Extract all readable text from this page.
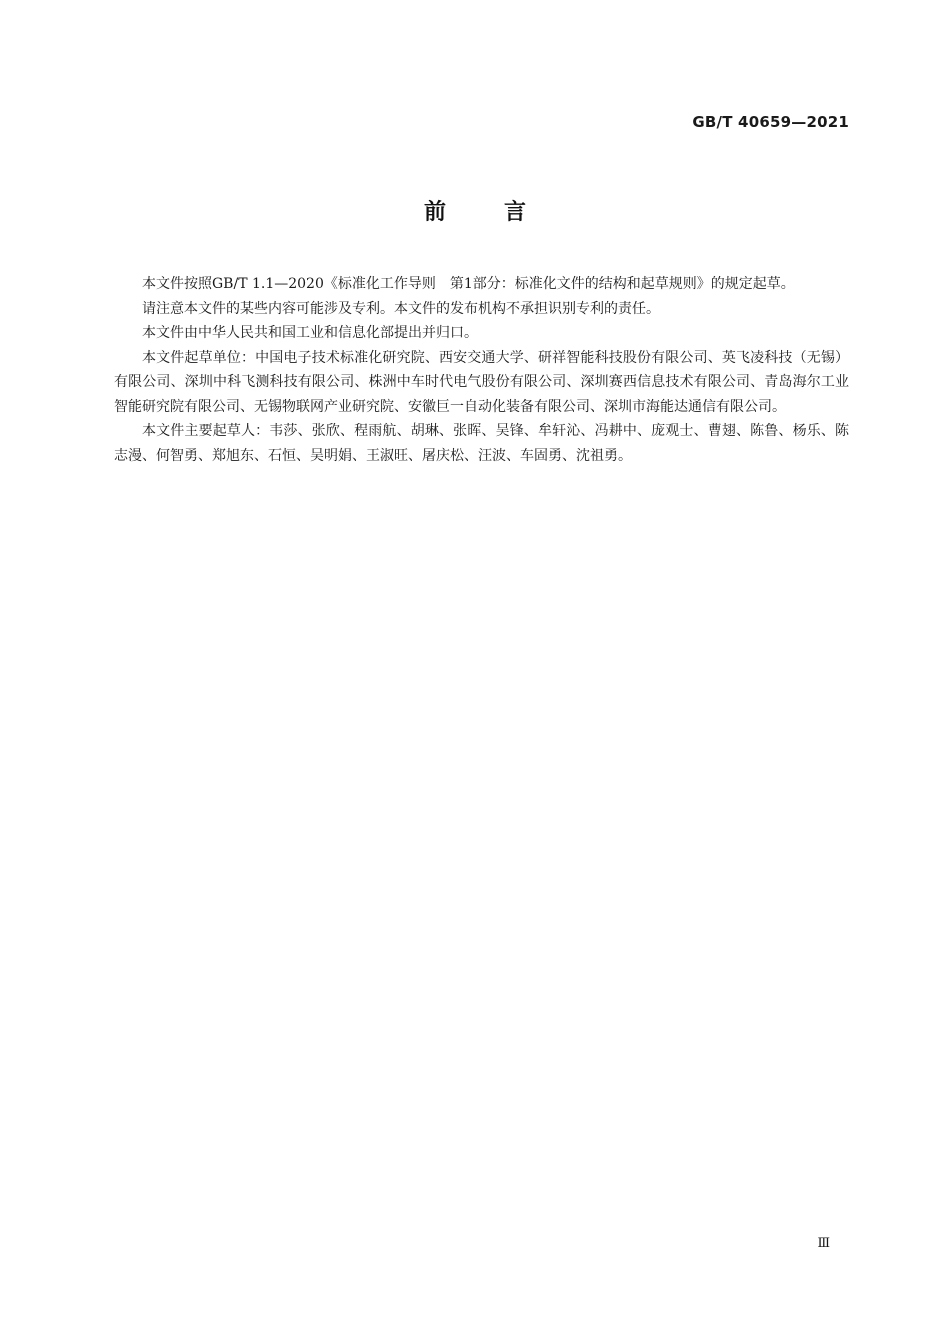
GB/T 40659—2021
前言

本文件按照GB/T 1.1—2020《标准化工作导则　第1部分：标准化文件的结构和起草规则》的规定起草。

请注意本文件的某些内容可能涉及专利。本文件的发布机构不承担识别专利的责任。

本文件由中华人民共和国工业和信息化部提出并归口。

本文件起草单位：中国电子技术标准化研究院、西安交通大学、研祥智能科技股份有限公司、英飞凌科技（无锡）有限公司、深圳中科飞测科技有限公司、株洲中车时代电气股份有限公司、深圳赛西信息技术有限公司、青岛海尔工业智能研究院有限公司、无锡物联网产业研究院、安徽巨一自动化装备有限公司、深圳市海能达通信有限公司。

本文件主要起草人：韦莎、张欣、程雨航、胡琳、张晖、吴锋、牟轩沁、冯耕中、庞观士、曹翅、陈鲁、杨乐、陈志漫、何智勇、郑旭东、石恒、吴明娟、王淑旺、屠庆松、汪波、车固勇、沈祖勇。

Ⅲ
